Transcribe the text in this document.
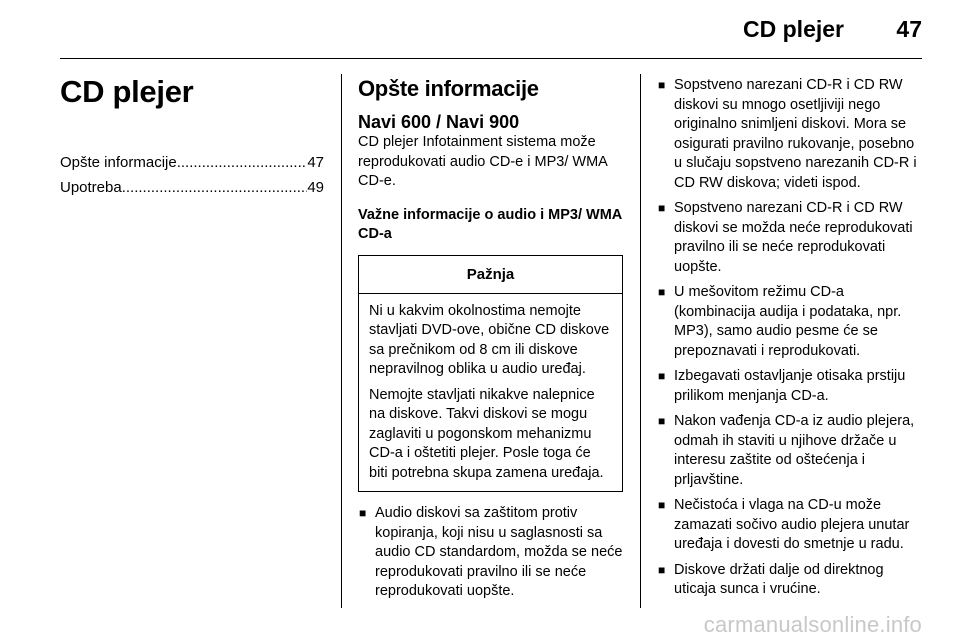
CD plejer 47
CD plejer
Opšte informacije .....	47
Upotreba .....	49
Opšte informacije
Navi 600 / Navi 900

CD plejer Infotainment sistema može reprodukovati audio CD-e i MP3/ WMA CD-e.

Važne informacije o audio i MP3/ WMA CD-a

Pažnja

Ni u kakvim okolnostima nemojte stavljati DVD-ove, obične CD diskove sa prečnikom od 8 cm ili diskove nepravilnog oblika u audio uređaj.

Nemojte stavljati nikakve nalepnice na diskove. Takvi diskovi se mogu zaglaviti u pogonskom mehanizmu CD-a i oštetiti plejer. Posle toga će biti potrebna skupa zamena uređaja.

■ Audio diskovi sa zaštitom protiv kopiranja, koji nisu u saglasnosti sa audio CD standardom, možda se neće reprodukovati pravilno ili se neće reprodukovati uopšte.
■ Sopstveno narezani CD-R i CD RW diskovi su mnogo osetljiviji nego originalno snimljeni diskovi. Mora se osigurati pravilno rukovanje, posebno u slučaju sopstveno narezanih CD-R i CD RW diskova; videti ispod.
■ Sopstveno narezani CD-R i CD RW diskovi se možda neće reprodukovati pravilno ili se neće reprodukovati uopšte.
■ U mešovitom režimu CD-a (kombinacija audija i podataka, npr. MP3), samo audio pesme će se prepoznavati i reprodukovati.
■ Izbegavati ostavljanje otisaka prstiju prilikom menjanja CD-a.
■ Nakon vađenja CD-a iz audio plejera, odmah ih staviti u njihove držače u interesu zaštite od oštećenja i prljavštine.
■ Nečistoća i vlaga na CD-u može zamazati sočivo audio plejera unutar uređaja i dovesti do smetnje u radu.
■ Diskove držati dalje od direktnog uticaja sunca i vrućine.
carmanualsonline.info
